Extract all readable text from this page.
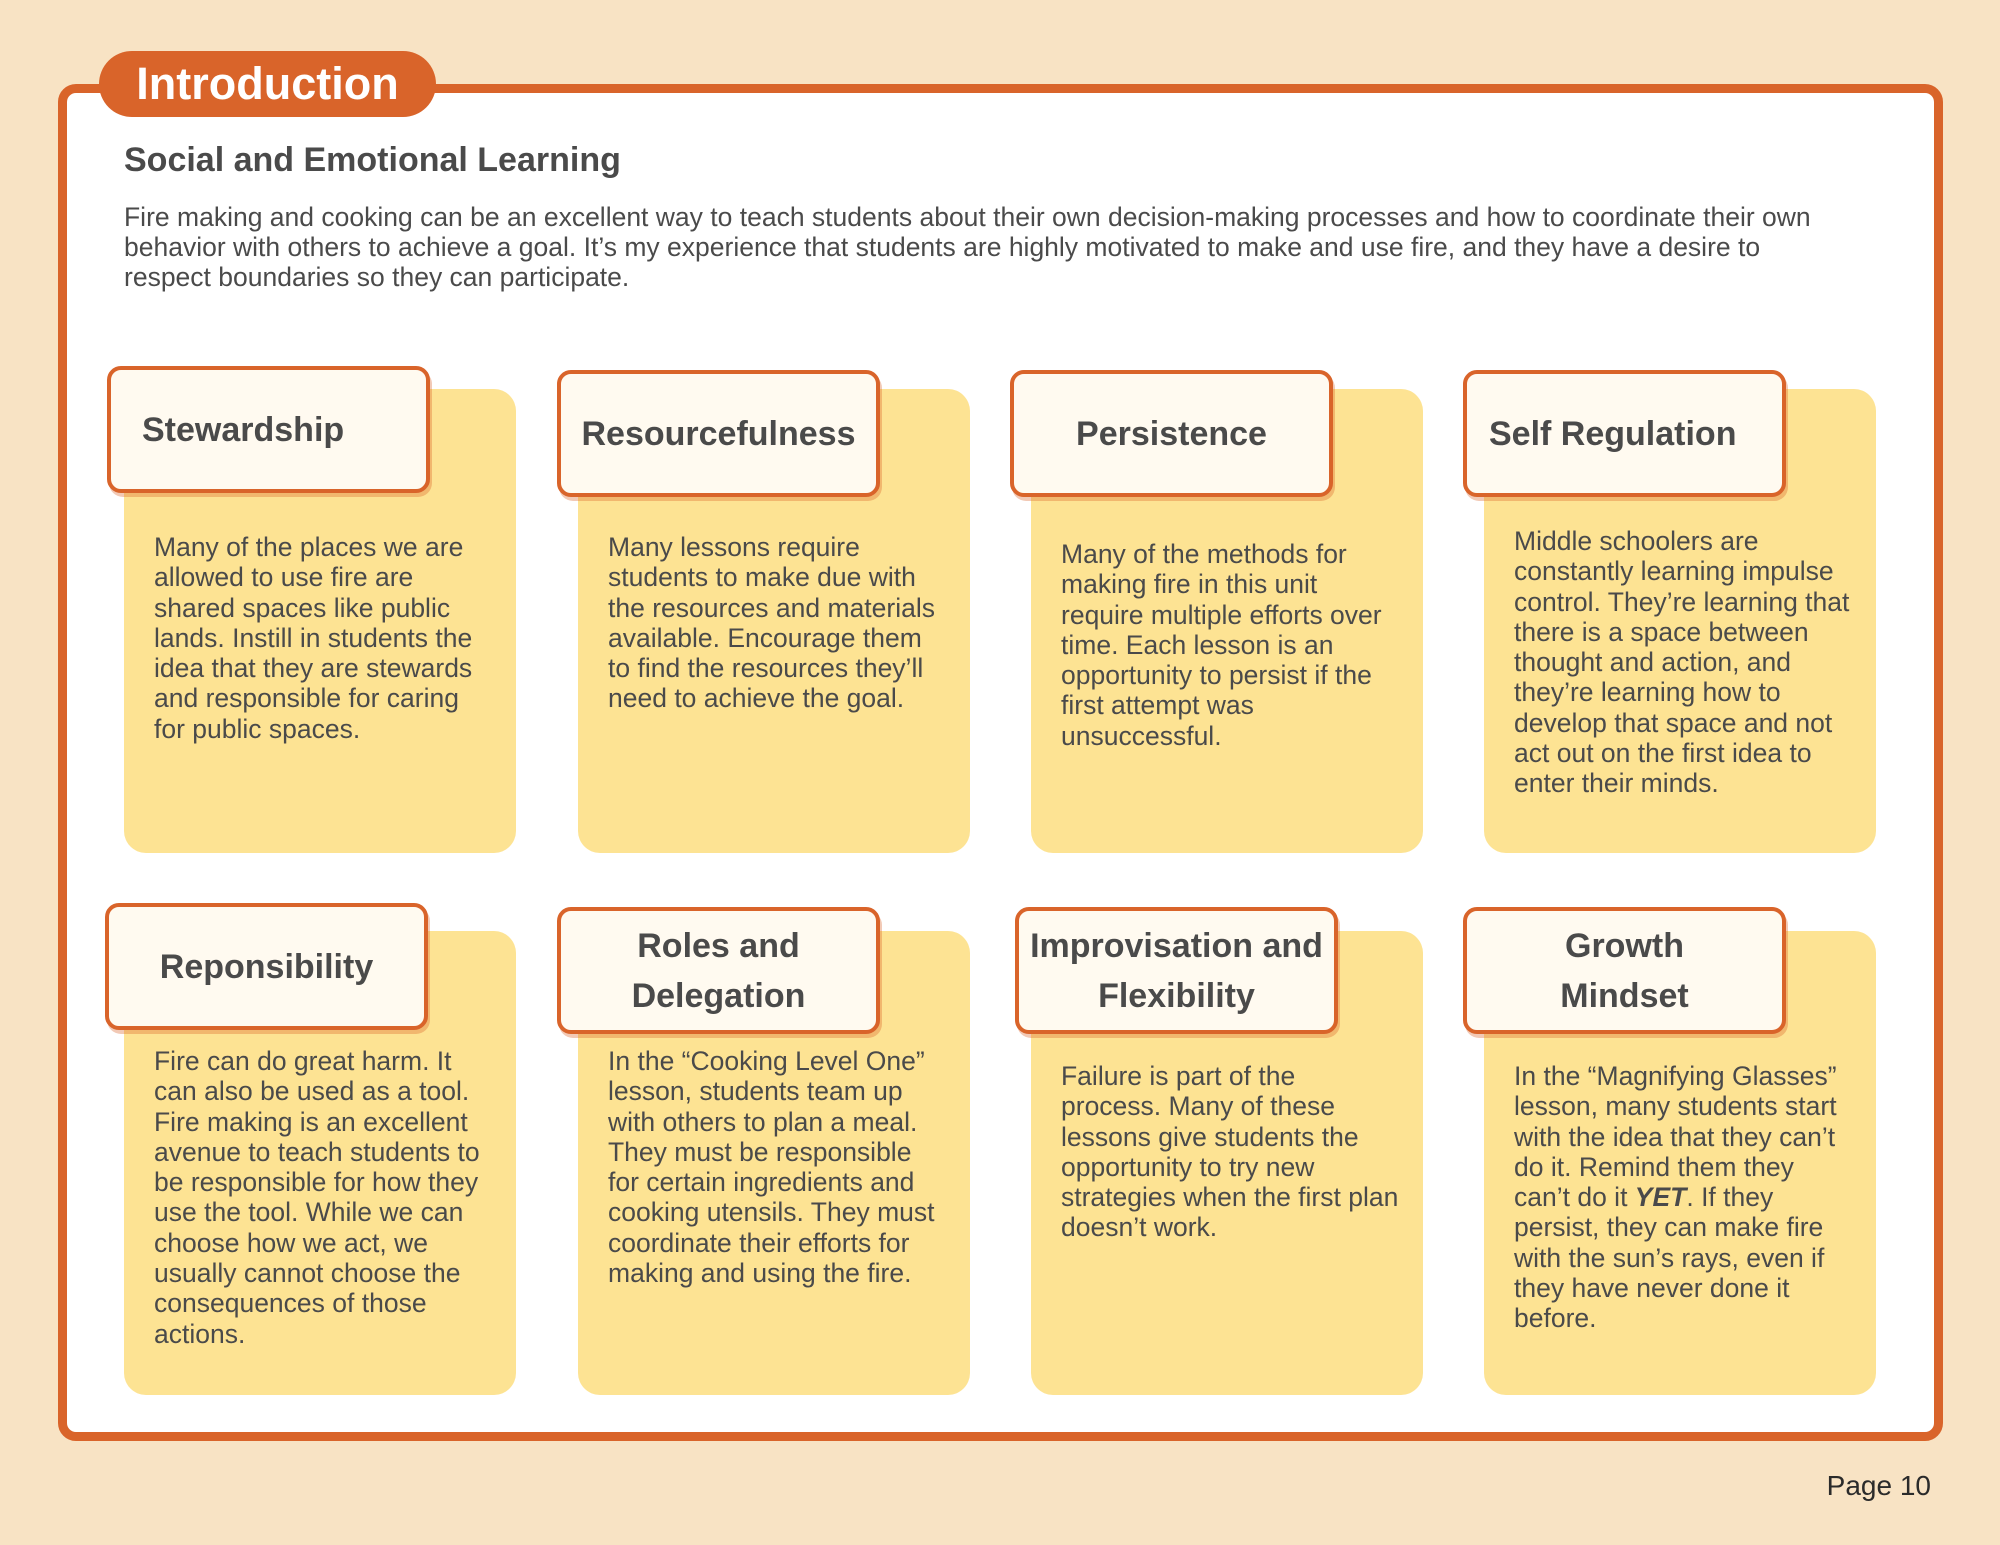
Introduction
Social and Emotional Learning

Fire making and cooking can be an excellent way to teach students about their own decision-making processes and how to coordinate their own behavior with others to achieve a goal. It’s my experience that students are highly motivated to make and use fire, and they have a desire to respect boundaries so they can participate.

Many of the places we are allowed to use fire are shared spaces like public lands. Instill in students the idea that they are stewards and responsible for caring for public spaces.
Stewardship
Many lessons require students to make due with the resources and materials available. Encourage them to find the resources they’ll need to achieve the goal.
Resourcefulness
Many of the methods for making fire in this unit require multiple efforts over time. Each lesson is an opportunity to persist if the first attempt was unsuccessful.
Persistence
Middle schoolers are constantly learning impulse control. They’re learning that there is a space between thought and action, and they’re learning how to develop that space and not act out on the first idea to enter their minds.
Self Regulation
Fire can do great harm. It can also be used as a tool. Fire making is an excellent avenue to teach students to be responsible for how they use the tool. While we can choose how we act, we usually cannot choose the consequences of those actions.
Reponsibility
In the “Cooking Level One” lesson, students team up with others to plan a meal. They must be responsible for certain ingredients and cooking utensils. They must coordinate their efforts for making and using the fire.
Roles and Delegation
Failure is part of the process. Many of these lessons give students the opportunity to try new strategies when the first plan doesn’t work.
Improvisation and Flexibility
In the “Magnifying Glasses” lesson, many students start with the idea that they can’t do it. Remind them they can’t do it YET. If they persist, they can make fire with the sun’s rays, even if they have never done it before.
Growth Mindset
Page 10
